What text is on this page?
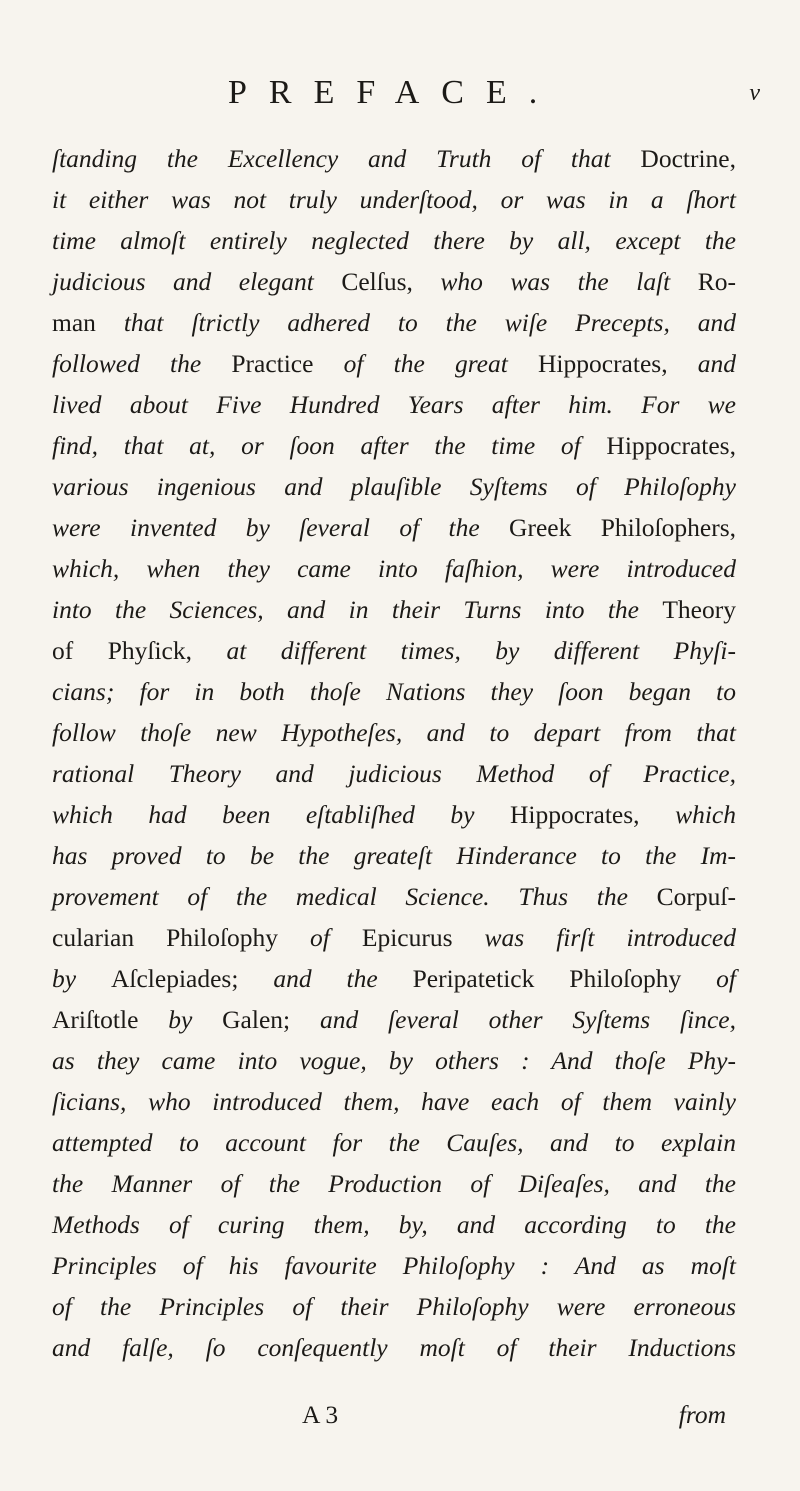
PREFACE.	v
ſtanding the Excellency and Truth of that Doctrine,
it either was not truly underſtood, or was in a ſhort
time almoſt entirely neglected there by all, except the
judicious and elegant Celſus, who was the laſt Ro-
man that ſtrictly adhered to the wiſe Precepts, and
followed the Practice of the great Hippocrates, and
lived about Five Hundred Years after him. For we
find, that at, or ſoon after the time of Hippocrates,
various ingenious and plauſible Syſtems of Philoſophy
were invented by ſeveral of the Greek Philoſophers,
which, when they came into faſhion, were introduced
into the Sciences, and in their Turns into the Theory
of Phyſick, at different times, by different Phyſi-
cians; for in both thoſe Nations they ſoon began to
follow thoſe new Hypotheſes, and to depart from that
rational Theory and judicious Method of Practice,
which had been eſtabliſhed by Hippocrates, which
has proved to be the greateſt Hinderance to the Im-
provement of the medical Science. Thus the Corpuſ-
cularian Philoſophy of Epicurus was firſt introduced
by Aſclepiades; and the Peripatetick Philoſophy of
Ariſtotle by Galen; and ſeveral other Syſtems ſince,
as they came into vogue, by others : And thoſe Phy-
ſicians, who introduced them, have each of them vainly
attempted to account for the Cauſes, and to explain
the Manner of the Production of Diſeaſes, and the
Methods of curing them, by, and according to the
Principles of his favourite Philoſophy : And as moſt
of the Principles of their Philoſophy were erroneous
and falſe, ſo conſequently moſt of their Inductions
A 3	from
